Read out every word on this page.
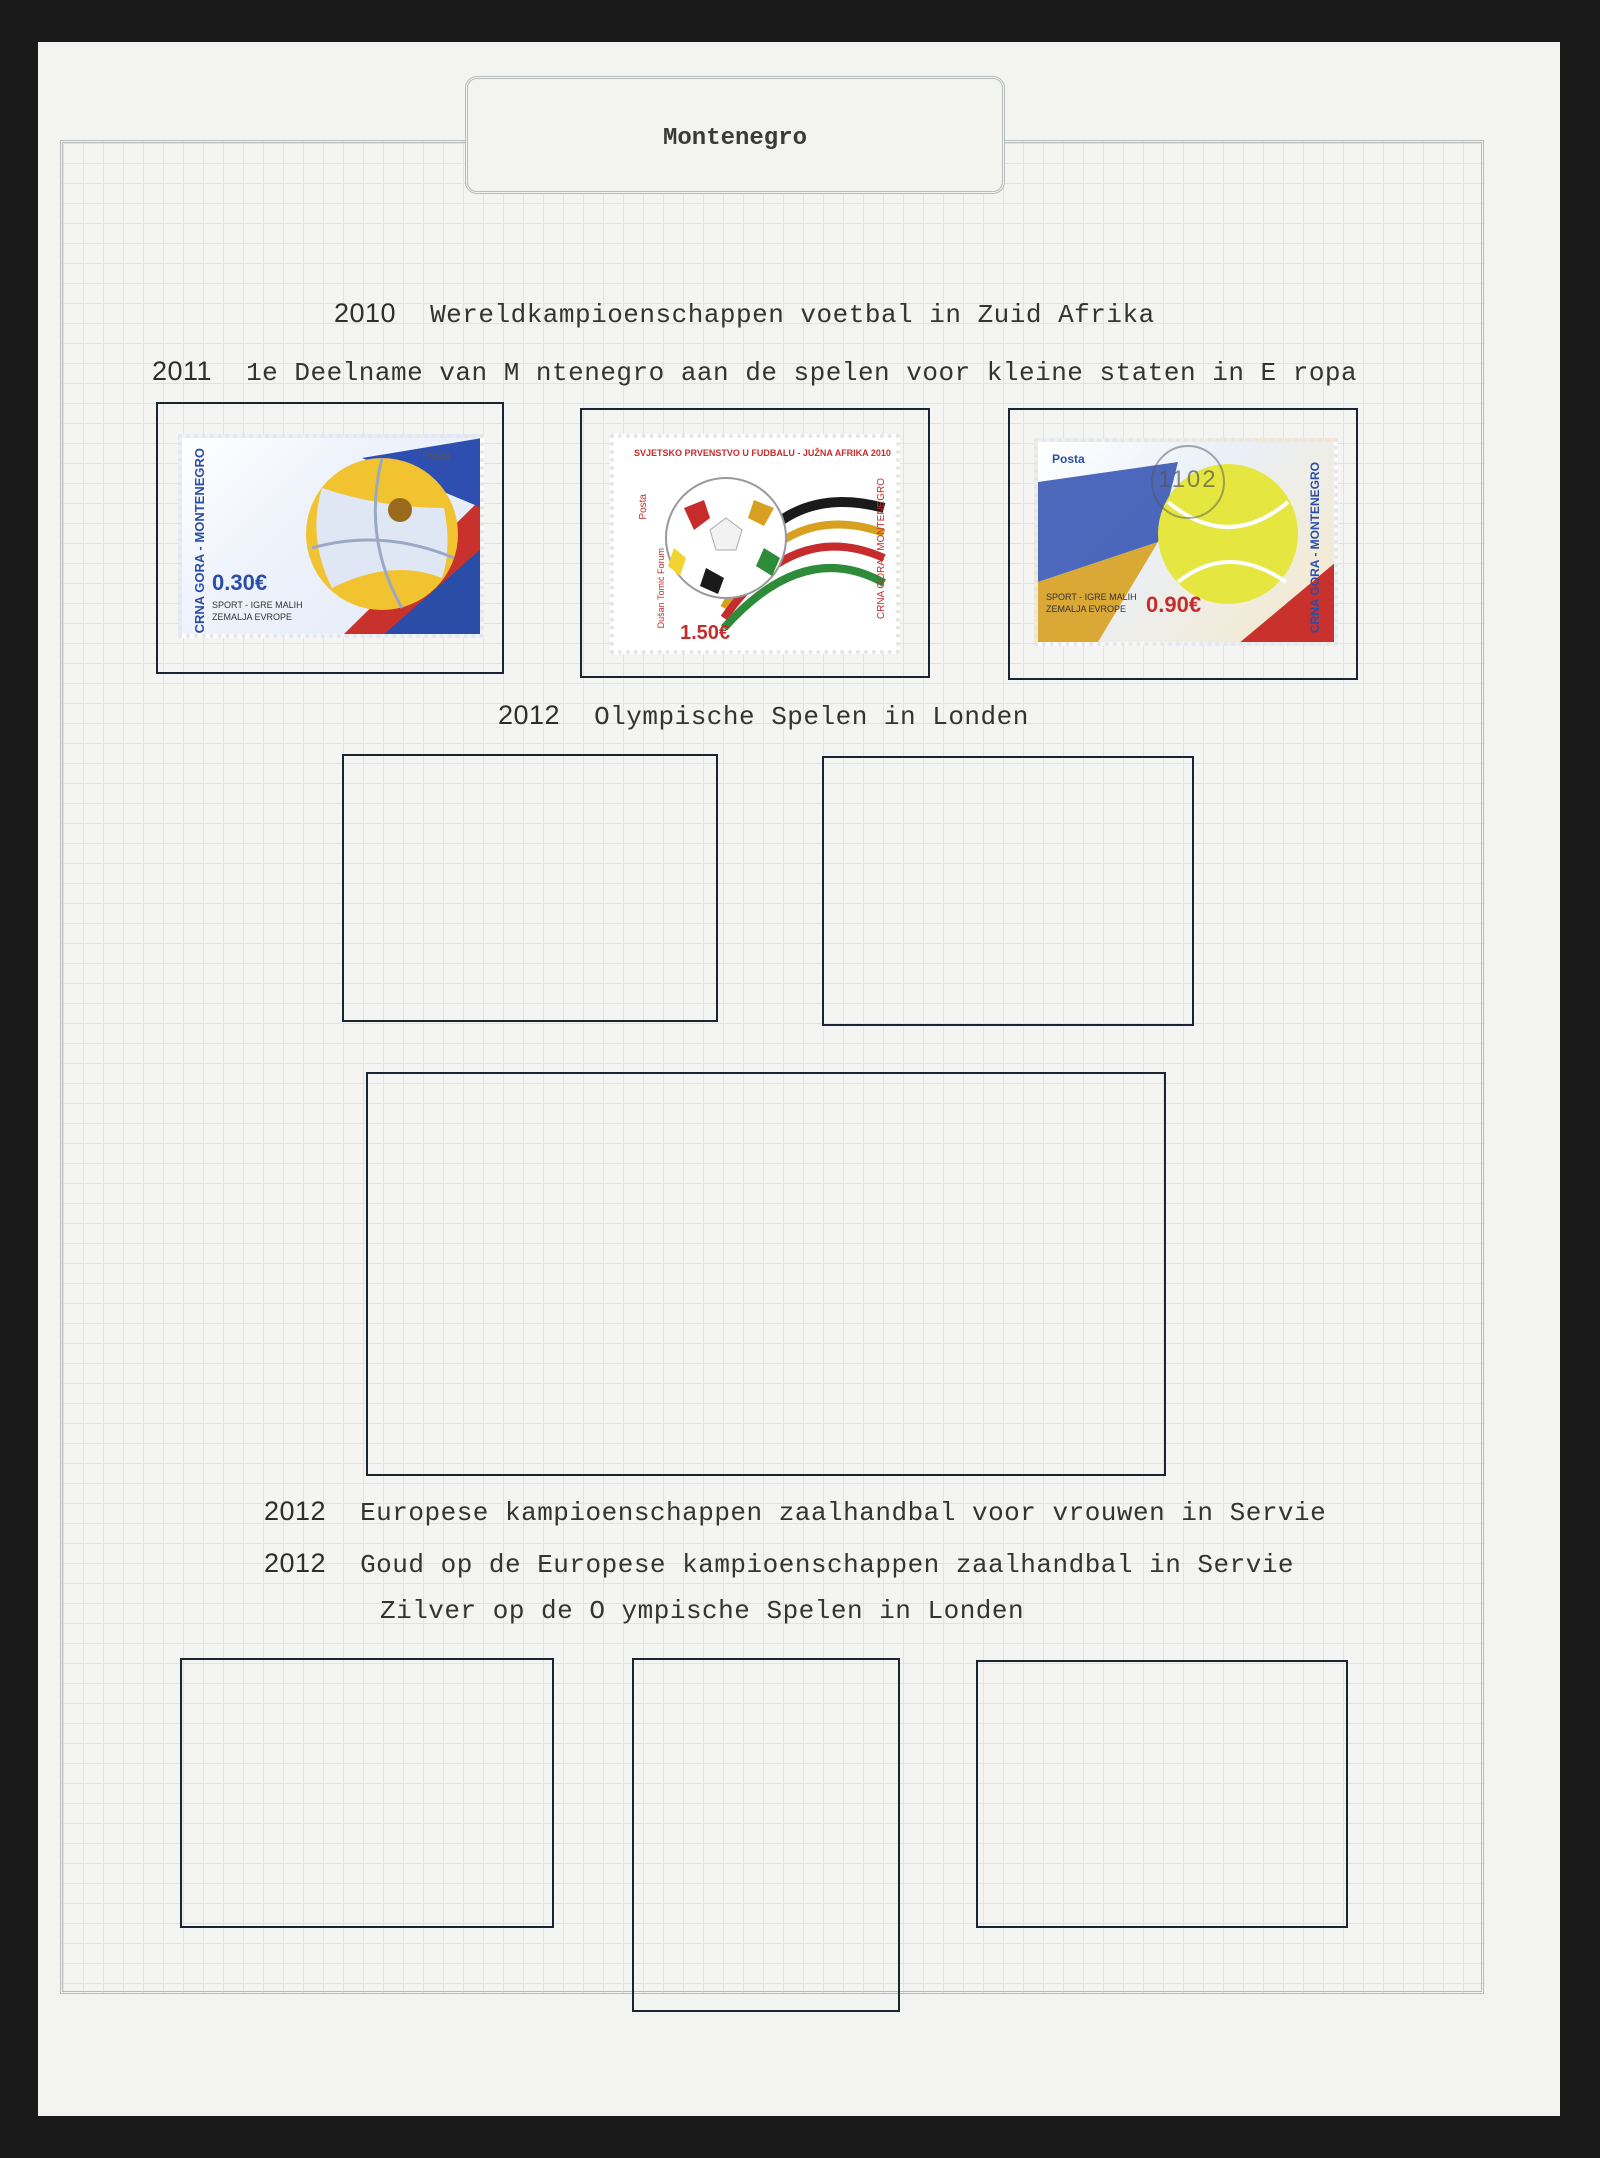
Montenegro
2010 Wereldkampioenschappen voetbal in Zuid Afrika
2011 1e Deelname van M ntenegro aan de spelen voor kleine staten in E ropa
2012 Olympische Spelen in Londen
2012 Europese kampioenschappen zaalhandbal voor vrouwen in Servie
2012 Goud op de Europese kampioenschappen zaalhandbal in Servie
Zilver op de O ympische Spelen in Londen
CRNA GORA - MONTENEGRO 0.30€
SPORT - IGRE MALIH
ZEMALJA EVROPE
Posta	SVJETSKO PRVENSTVO U FUDBALU - JUŽNA AFRIKA 2010
Posta
Dušan Tomić Forum
1.50€
CRNA GORA - MONTENEGRO
Posta
1102
SPORT - IGRE MALIH
ZEMALJA EVROPE 0.90€	CRNA GORA - MONTENEGRO
